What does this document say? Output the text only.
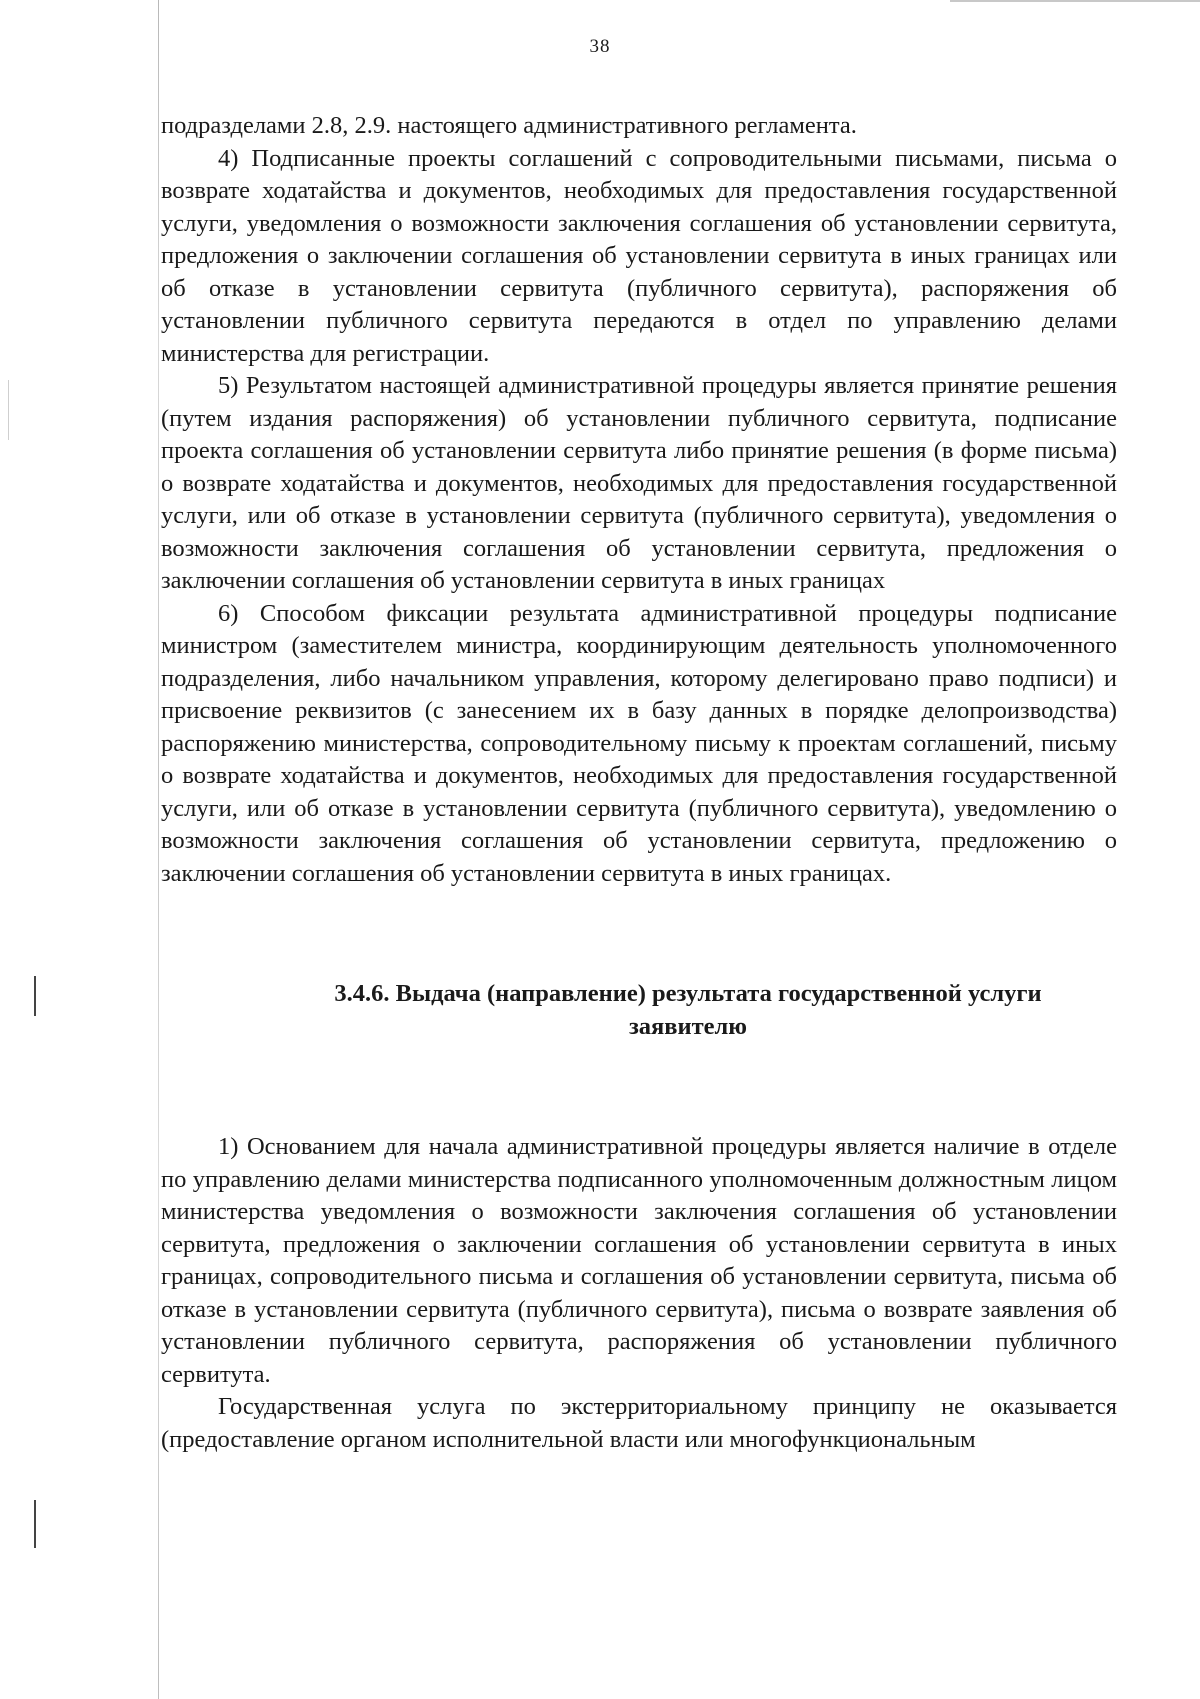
38

подразделами 2.8, 2.9. настоящего административного регламента.

4) Подписанные проекты соглашений с сопроводительными письмами, письма о возврате ходатайства и документов, необходимых для предоставления государственной услуги, уведомления о возможности заключения соглашения об установлении сервитута, предложения о заключении соглашения об установлении сервитута в иных границах или об отказе в установлении сервитута (публичного сервитута), распоряжения об установлении публичного сервитута передаются в отдел по управлению делами министерства для регистрации.

5) Результатом настоящей административной процедуры является принятие решения (путем издания распоряжения) об установлении публичного сервитута, подписание проекта соглашения об установлении сервитута либо принятие решения (в форме письма) о возврате ходатайства и документов, необходимых для предоставления государственной услуги, или об отказе в установлении сервитута (публичного сервитута), уведомления о возможности заключения соглашения об установлении сервитута, предложения о заключении соглашения об установлении сервитута в иных границах

6) Способом фиксации результата административной процедуры подписание министром (заместителем министра, координирующим деятельность уполномоченного подразделения, либо начальником управления, которому делегировано право подписи) и присвоение реквизитов (с занесением их в базу данных в порядке делопроизводства) распоряжению министерства, сопроводительному письму к проектам соглашений, письму о возврате ходатайства и документов, необходимых для предоставления государственной услуги, или об отказе в установлении сервитута (публичного сервитута), уведомлению о возможности заключения соглашения об установлении сервитута, предложению о заключении соглашения об установлении сервитута в иных границах.

3.4.6. Выдача (направление) результата государственной услуги
заявителю

1) Основанием для начала административной процедуры является наличие в отделе по управлению делами министерства подписанного уполномоченным должностным лицом министерства уведомления о возможности заключения соглашения об установлении сервитута, предложения о заключении соглашения об установлении сервитута в иных границах, сопроводительного письма и соглашения об установлении сервитута, письма об отказе в установлении сервитута (публичного сервитута), письма о возврате заявления об установлении публичного сервитута, распоряжения об установлении публичного сервитута.

Государственная услуга по экстерриториальному принципу не оказывается (предоставление органом исполнительной власти или многофункциональным
